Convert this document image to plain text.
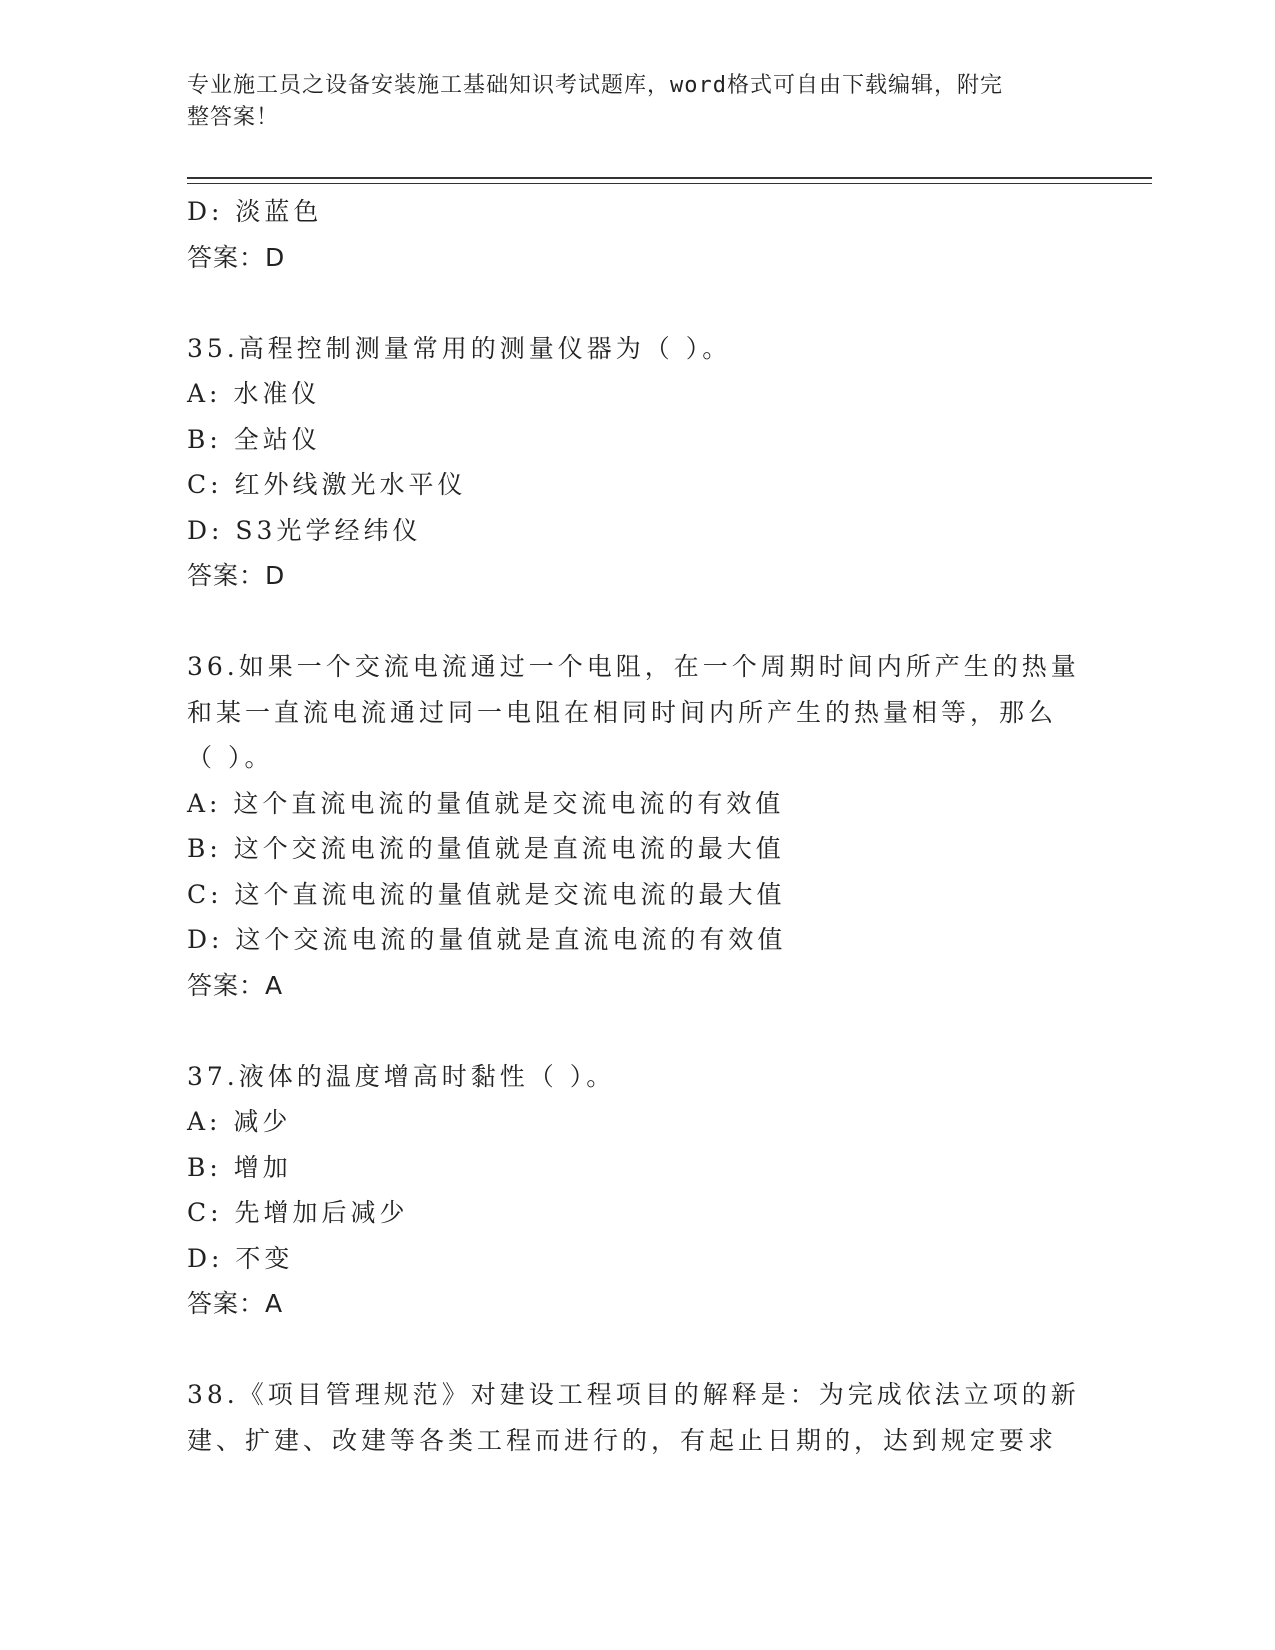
专业施工员之设备安装施工基础知识考试题库，word格式可自由下载编辑，附完
整答案！
D: 淡蓝色
答案：D
35.高程控制测量常用的测量仪器为（ ）。
A: 水准仪
B: 全站仪
C: 红外线激光水平仪
D: S3光学经纬仪
答案：D
36.如果一个交流电流通过一个电阻，在一个周期时间内所产生的热量
和某一直流电流通过同一电阻在相同时间内所产生的热量相等，那么
（ ）。
A: 这个直流电流的量值就是交流电流的有效值
B: 这个交流电流的量值就是直流电流的最大值
C: 这个直流电流的量值就是交流电流的最大值
D: 这个交流电流的量值就是直流电流的有效值
答案：A
37.液体的温度增高时黏性（ ）。
A: 减少
B: 增加
C: 先增加后减少
D: 不变
答案：A
38.《项目管理规范》对建设工程项目的解释是：为完成依法立项的新
建、扩建、改建等各类工程而进行的，有起止日期的，达到规定要求
